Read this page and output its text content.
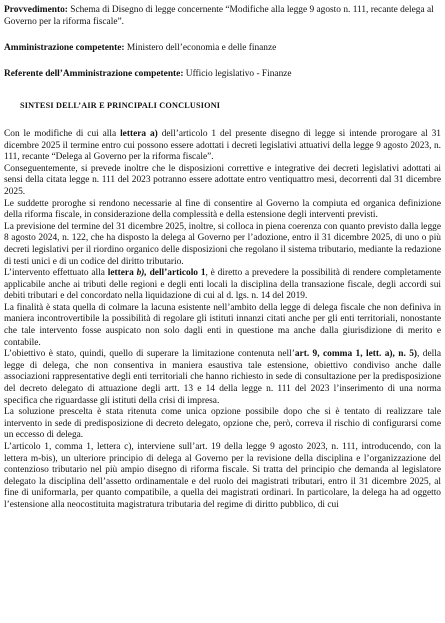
Provvedimento: Schema di Disegno di legge concernente “Modifiche alla legge 9 agosto n. 111, recante delega al Governo per la riforma fiscale”.

Amministrazione competente: Ministero dell’economia e delle finanze

Referente dell’Amministrazione competente: Ufficio legislativo - Finanze

SINTESI DELL’AIR E PRINCIPALI CONCLUSIONI

Con le modifiche di cui alla lettera a) dell’articolo 1 del presente disegno di legge si intende prorogare al 31 dicembre 2025 il termine entro cui possono essere adottati i decreti legislativi attuativi della legge 9 agosto 2023, n. 111, recante “Delega al Governo per la riforma fiscale”.

Conseguentemente, si prevede inoltre che le disposizioni correttive e integrative dei decreti legislativi adottati ai sensi della citata legge n. 111 del 2023 potranno essere adottate entro ventiquattro mesi, decorrenti dal 31 dicembre 2025.

Le suddette proroghe si rendono necessarie al fine di consentire al Governo la compiuta ed organica definizione della riforma fiscale, in considerazione della complessità e della estensione degli interventi previsti.

La previsione del termine del 31 dicembre 2025, inoltre, si colloca in piena coerenza con quanto previsto dalla legge 8 agosto 2024, n. 122, che ha disposto la delega al Governo per l’adozione, entro il 31 dicembre 2025, di uno o più decreti legislativi per il riordino organico delle disposizioni che regolano il sistema tributario, mediante la redazione di testi unici e di un codice del diritto tributario.

L’intervento effettuato alla lettera b), dell’articolo 1, è diretto a prevedere la possibilità di rendere completamente applicabile anche ai tributi delle regioni e degli enti locali la disciplina della transazione fiscale, degli accordi sui debiti tributari e del concordato nella liquidazione di cui al d. lgs. n. 14 del 2019.

La finalità è stata quella di colmare la lacuna esistente nell’ambito della legge di delega fiscale che non definiva in maniera incontrovertibile la possibilità di regolare gli istituti innanzi citati anche per gli enti territoriali, nonostante che tale intervento fosse auspicato non solo dagli enti in questione ma anche dalla giurisdizione di merito e contabile.

L’obiettivo è stato, quindi, quello di superare la limitazione contenuta nell’art. 9, comma 1, lett. a), n. 5), della legge di delega, che non consentiva in maniera esaustiva tale estensione, obiettivo condiviso anche dalle associazioni rappresentative degli enti territoriali che hanno richiesto in sede di consultazione per la predisposizione del decreto delegato di attuazione degli artt. 13 e 14 della legge n. 111 del 2023 l’inserimento di una norma specifica che riguardasse gli istituti della crisi di impresa.

La soluzione prescelta è stata ritenuta come unica opzione possibile dopo che si è tentato di realizzare tale intervento in sede di predisposizione di decreto delegato, opzione che, però, correva il rischio di configurarsi come un eccesso di delega.

L’articolo 1, comma 1, lettera c), interviene sull’art. 19 della legge 9 agosto 2023, n. 111, introducendo, con la lettera m-bis), un ulteriore principio di delega al Governo per la revisione della disciplina e l’organizzazione del contenzioso tributario nel più ampio disegno di riforma fiscale. Si tratta del principio che demanda al legislatore delegato la disciplina dell’assetto ordinamentale e del ruolo dei magistrati tributari, entro il 31 dicembre 2025, al fine di uniformarla, per quanto compatibile, a quella dei magistrati ordinari. In particolare, la delega ha ad oggetto l’estensione alla neocostituita magistratura tributaria del regime di diritto pubblico, di cui
